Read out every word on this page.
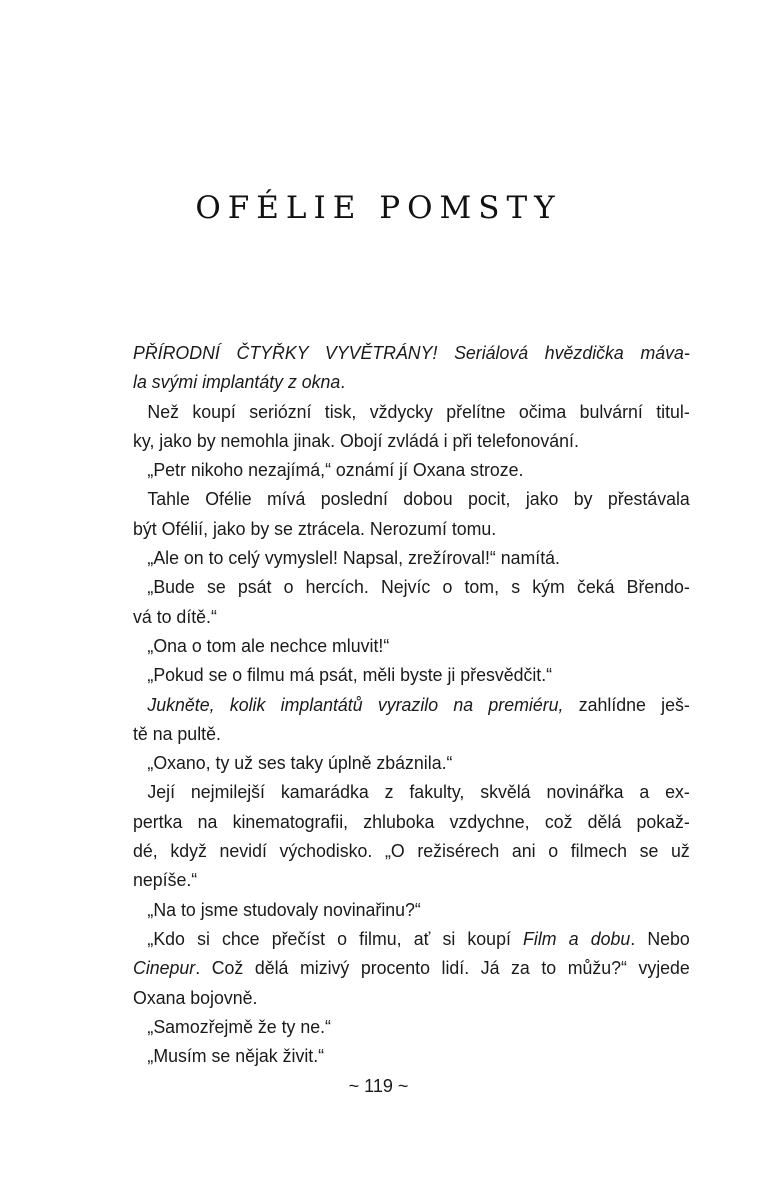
OFÉLIE POMSTY
PŘÍRODNÍ ČTYŘKY VYVĚTRÁNY! Seriálová hvězdička máva-
la svými implantáty z okna.
Než koupí seriózní tisk, vždycky přelítne očima bulvární titul-
ky, jako by nemohla jinak. Obojí zvládá i při telefonování.
„Petr nikoho nezajímá,“ oznámí jí Oxana stroze.
Tahle Ofélie mívá poslední dobou pocit, jako by přestávala
být Ofélií, jako by se ztrácela. Nerozumí tomu.
„Ale on to celý vymyslel! Napsal, zrežíroval!“ namítá.
„Bude se psát o hercích. Nejvíc o tom, s kým čeká Břendo-
vá to dítě.“
„Ona o tom ale nechce mluvit!“
„Pokud se o filmu má psát, měli byste ji přesvědčit.“
Jukněte, kolik implantátů vyrazilo na premiéru, zahlídne ješ-
tě na pultě.
„Oxano, ty už ses taky úplně zbáznila.“
Její nejmilejší kamarádka z fakulty, skvělá novinářka a ex-
pertka na kinematografii, zhluboka vzdychne, což dělá pokaž-
dé, když nevidí východisko. „O režisérech ani o filmech se už
nepíše.“
„Na to jsme studovaly novinařinu?“
„Kdo si chce přečíst o filmu, ať si koupí Film a dobu. Nebo
Cinepur. Což dělá mizivý procento lidí. Já za to můžu?“ vyjede
Oxana bojovně.
„Samozřejmě že ty ne.“
„Musím se nějak živit.“
~ 119 ~
